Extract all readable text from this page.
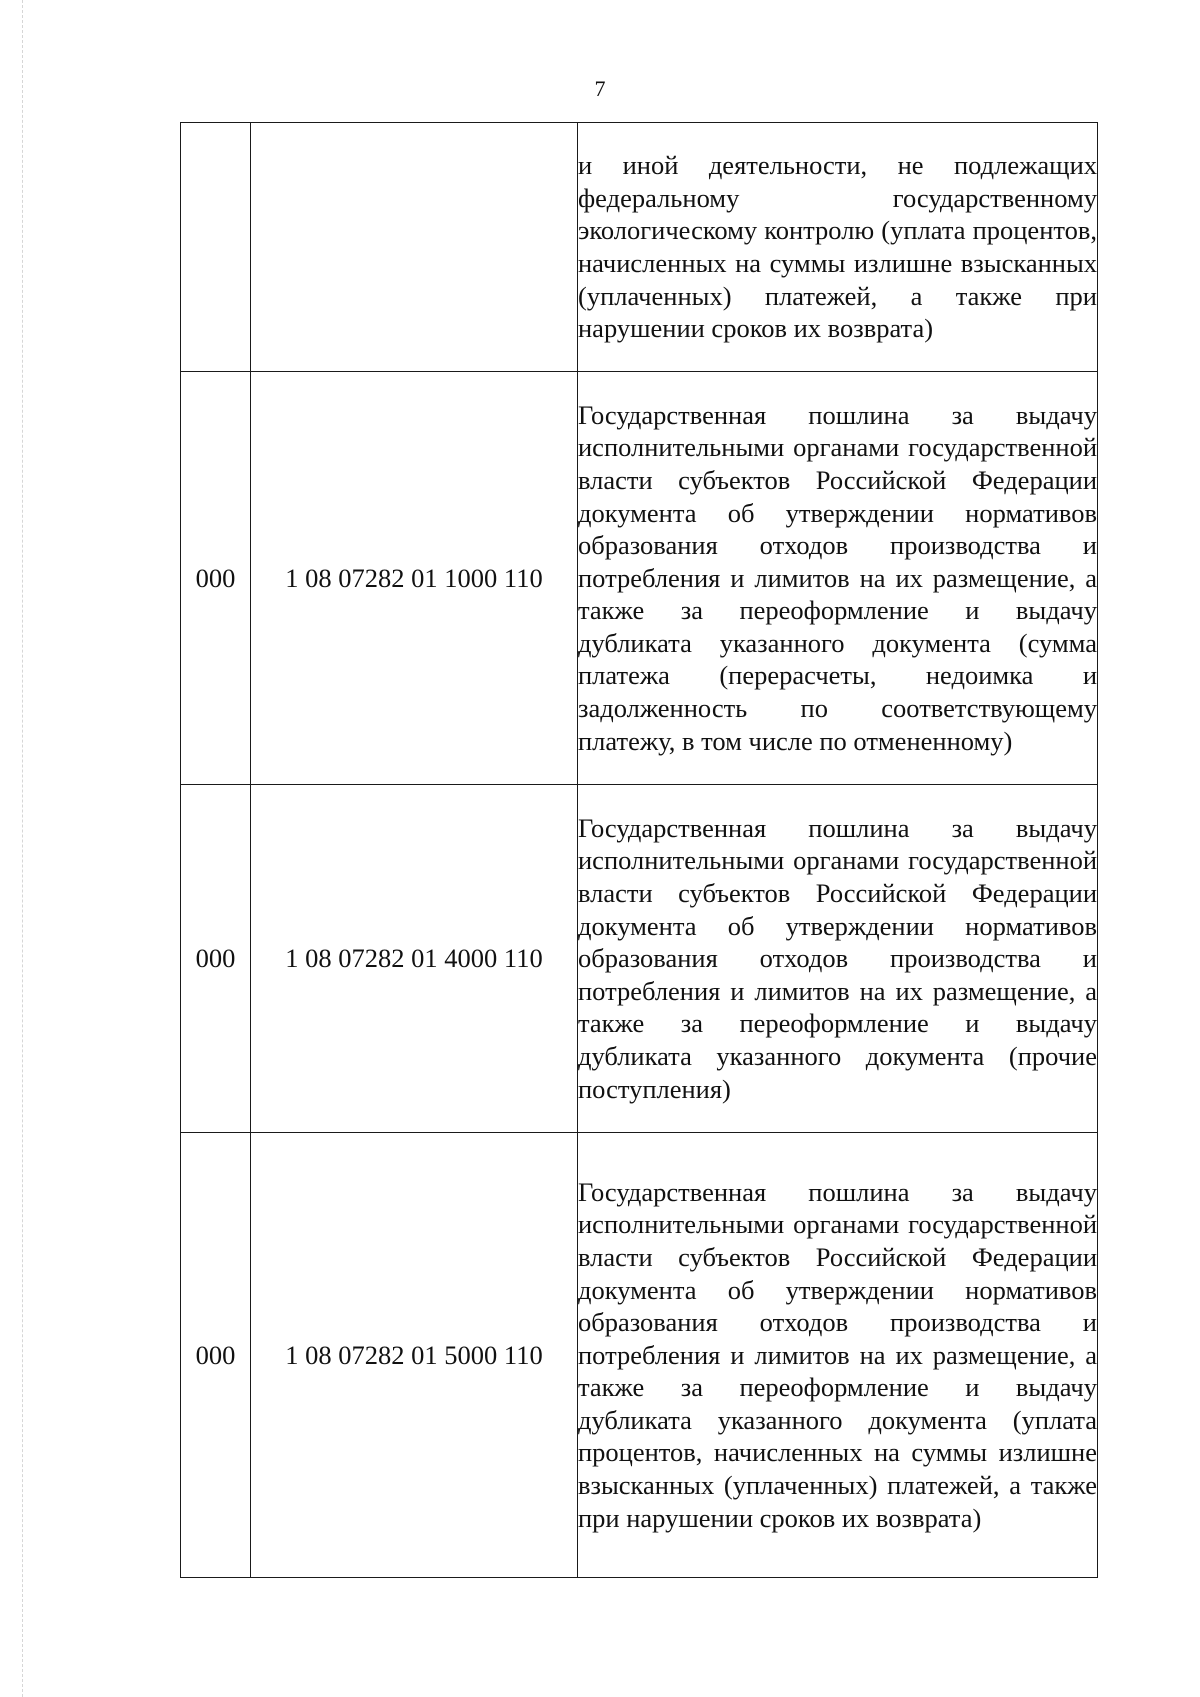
7
		и иной деятельности, не подлежащих федеральному государственному экологическому контролю (уплата процентов, начисленных на суммы излишне взысканных (уплаченных) платежей, а также при нарушении сроков их возврата)
000	1 08 07282 01 1000 110	Государственная пошлина за выдачу исполнительными органами государственной власти субъектов Российской Федерации документа об утверждении нормативов образования отходов производства и потребления и лимитов на их размещение, а также за переоформление и выдачу дубликата указанного документа (сумма платежа (перерасчеты, недоимка и задолженность по соответствующему платежу, в том числе по отмененному)
000	1 08 07282 01 4000 110	Государственная пошлина за выдачу исполнительными органами государственной власти субъектов Российской Федерации документа об утверждении нормативов образования отходов производства и потребления и лимитов на их размещение, а также за переоформление и выдачу дубликата указанного документа (прочие поступления)
000	1 08 07282 01 5000 110	Государственная пошлина за выдачу исполнительными органами государственной власти субъектов Российской Федерации документа об утверждении нормативов образования отходов производства и потребления и лимитов на их размещение, а также за переоформление и выдачу дубликата указанного документа (уплата процентов, начисленных на суммы излишне взысканных (уплаченных) платежей, а также при нарушении сроков их возврата)
